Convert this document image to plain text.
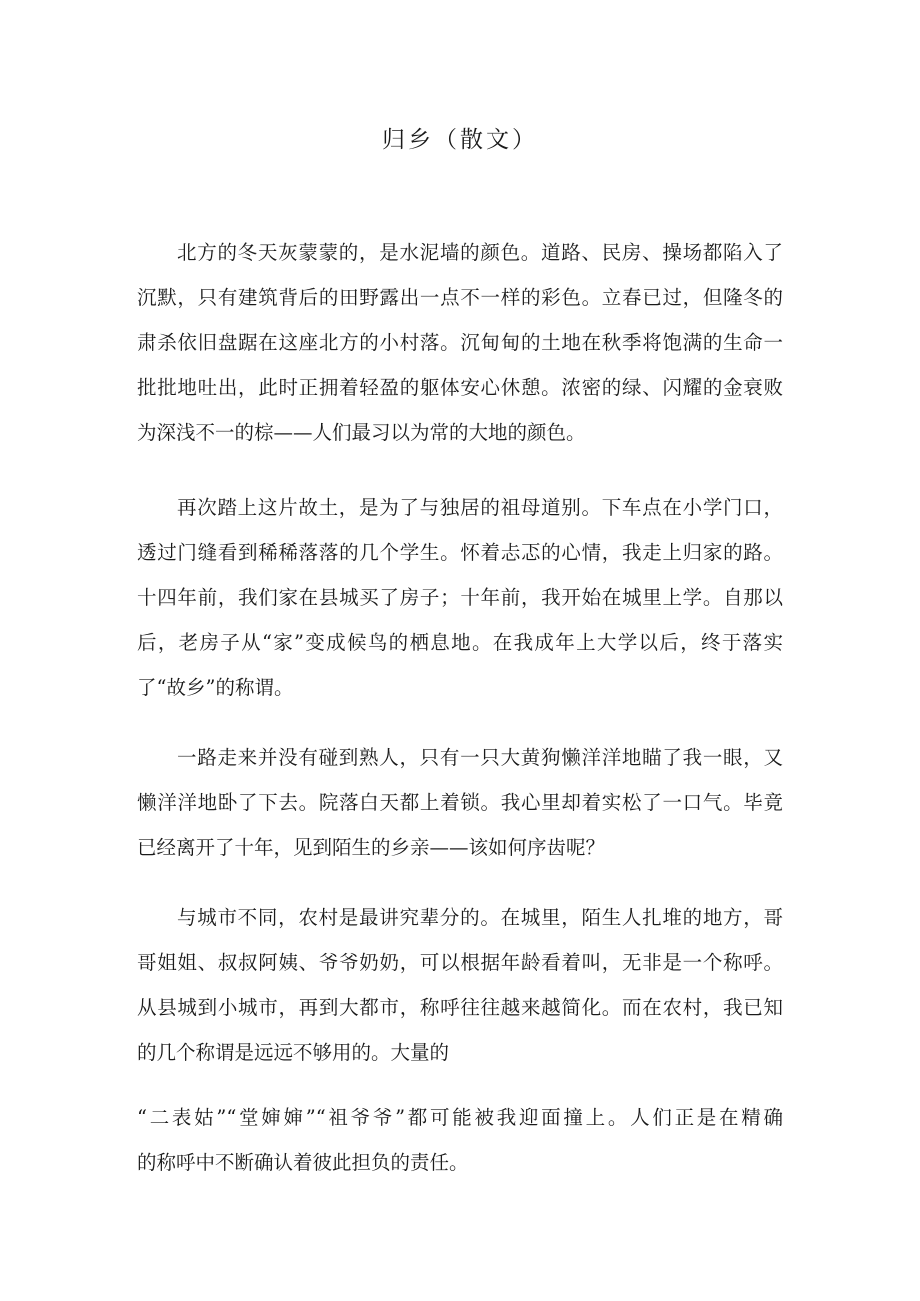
归乡（散文）
北方的冬天灰蒙蒙的，是水泥墙的颜色。道路、民房、操场都陷入了
沉默，只有建筑背后的田野露出一点不一样的彩色。立春已过，但隆冬的
肃杀依旧盘踞在这座北方的小村落。沉甸甸的土地在秋季将饱满的生命一
批批地吐出，此时正拥着轻盈的躯体安心休憩。浓密的绿、闪耀的金衰败
为深浅不一的棕——人们最习以为常的大地的颜色。
再次踏上这片故土，是为了与独居的祖母道别。下车点在小学门口，
透过门缝看到稀稀落落的几个学生。怀着忐忑的心情，我走上归家的路。
十四年前，我们家在县城买了房子；十年前，我开始在城里上学。自那以
后，老房子从“家”变成候鸟的栖息地。在我成年上大学以后，终于落实
了“故乡”的称谓。
一路走来并没有碰到熟人，只有一只大黄狗懒洋洋地瞄了我一眼，又
懒洋洋地卧了下去。院落白天都上着锁。我心里却着实松了一口气。毕竟
已经离开了十年，见到陌生的乡亲——该如何序齿呢？
与城市不同，农村是最讲究辈分的。在城里，陌生人扎堆的地方，哥
哥姐姐、叔叔阿姨、爷爷奶奶，可以根据年龄看着叫，无非是一个称呼。
从县城到小城市，再到大都市，称呼往往越来越简化。而在农村，我已知
的几个称谓是远远不够用的。大量的
“二表姑”“堂婶婶”“祖爷爷”都可能被我迎面撞上。人们正是在精确
的称呼中不断确认着彼此担负的责任。
